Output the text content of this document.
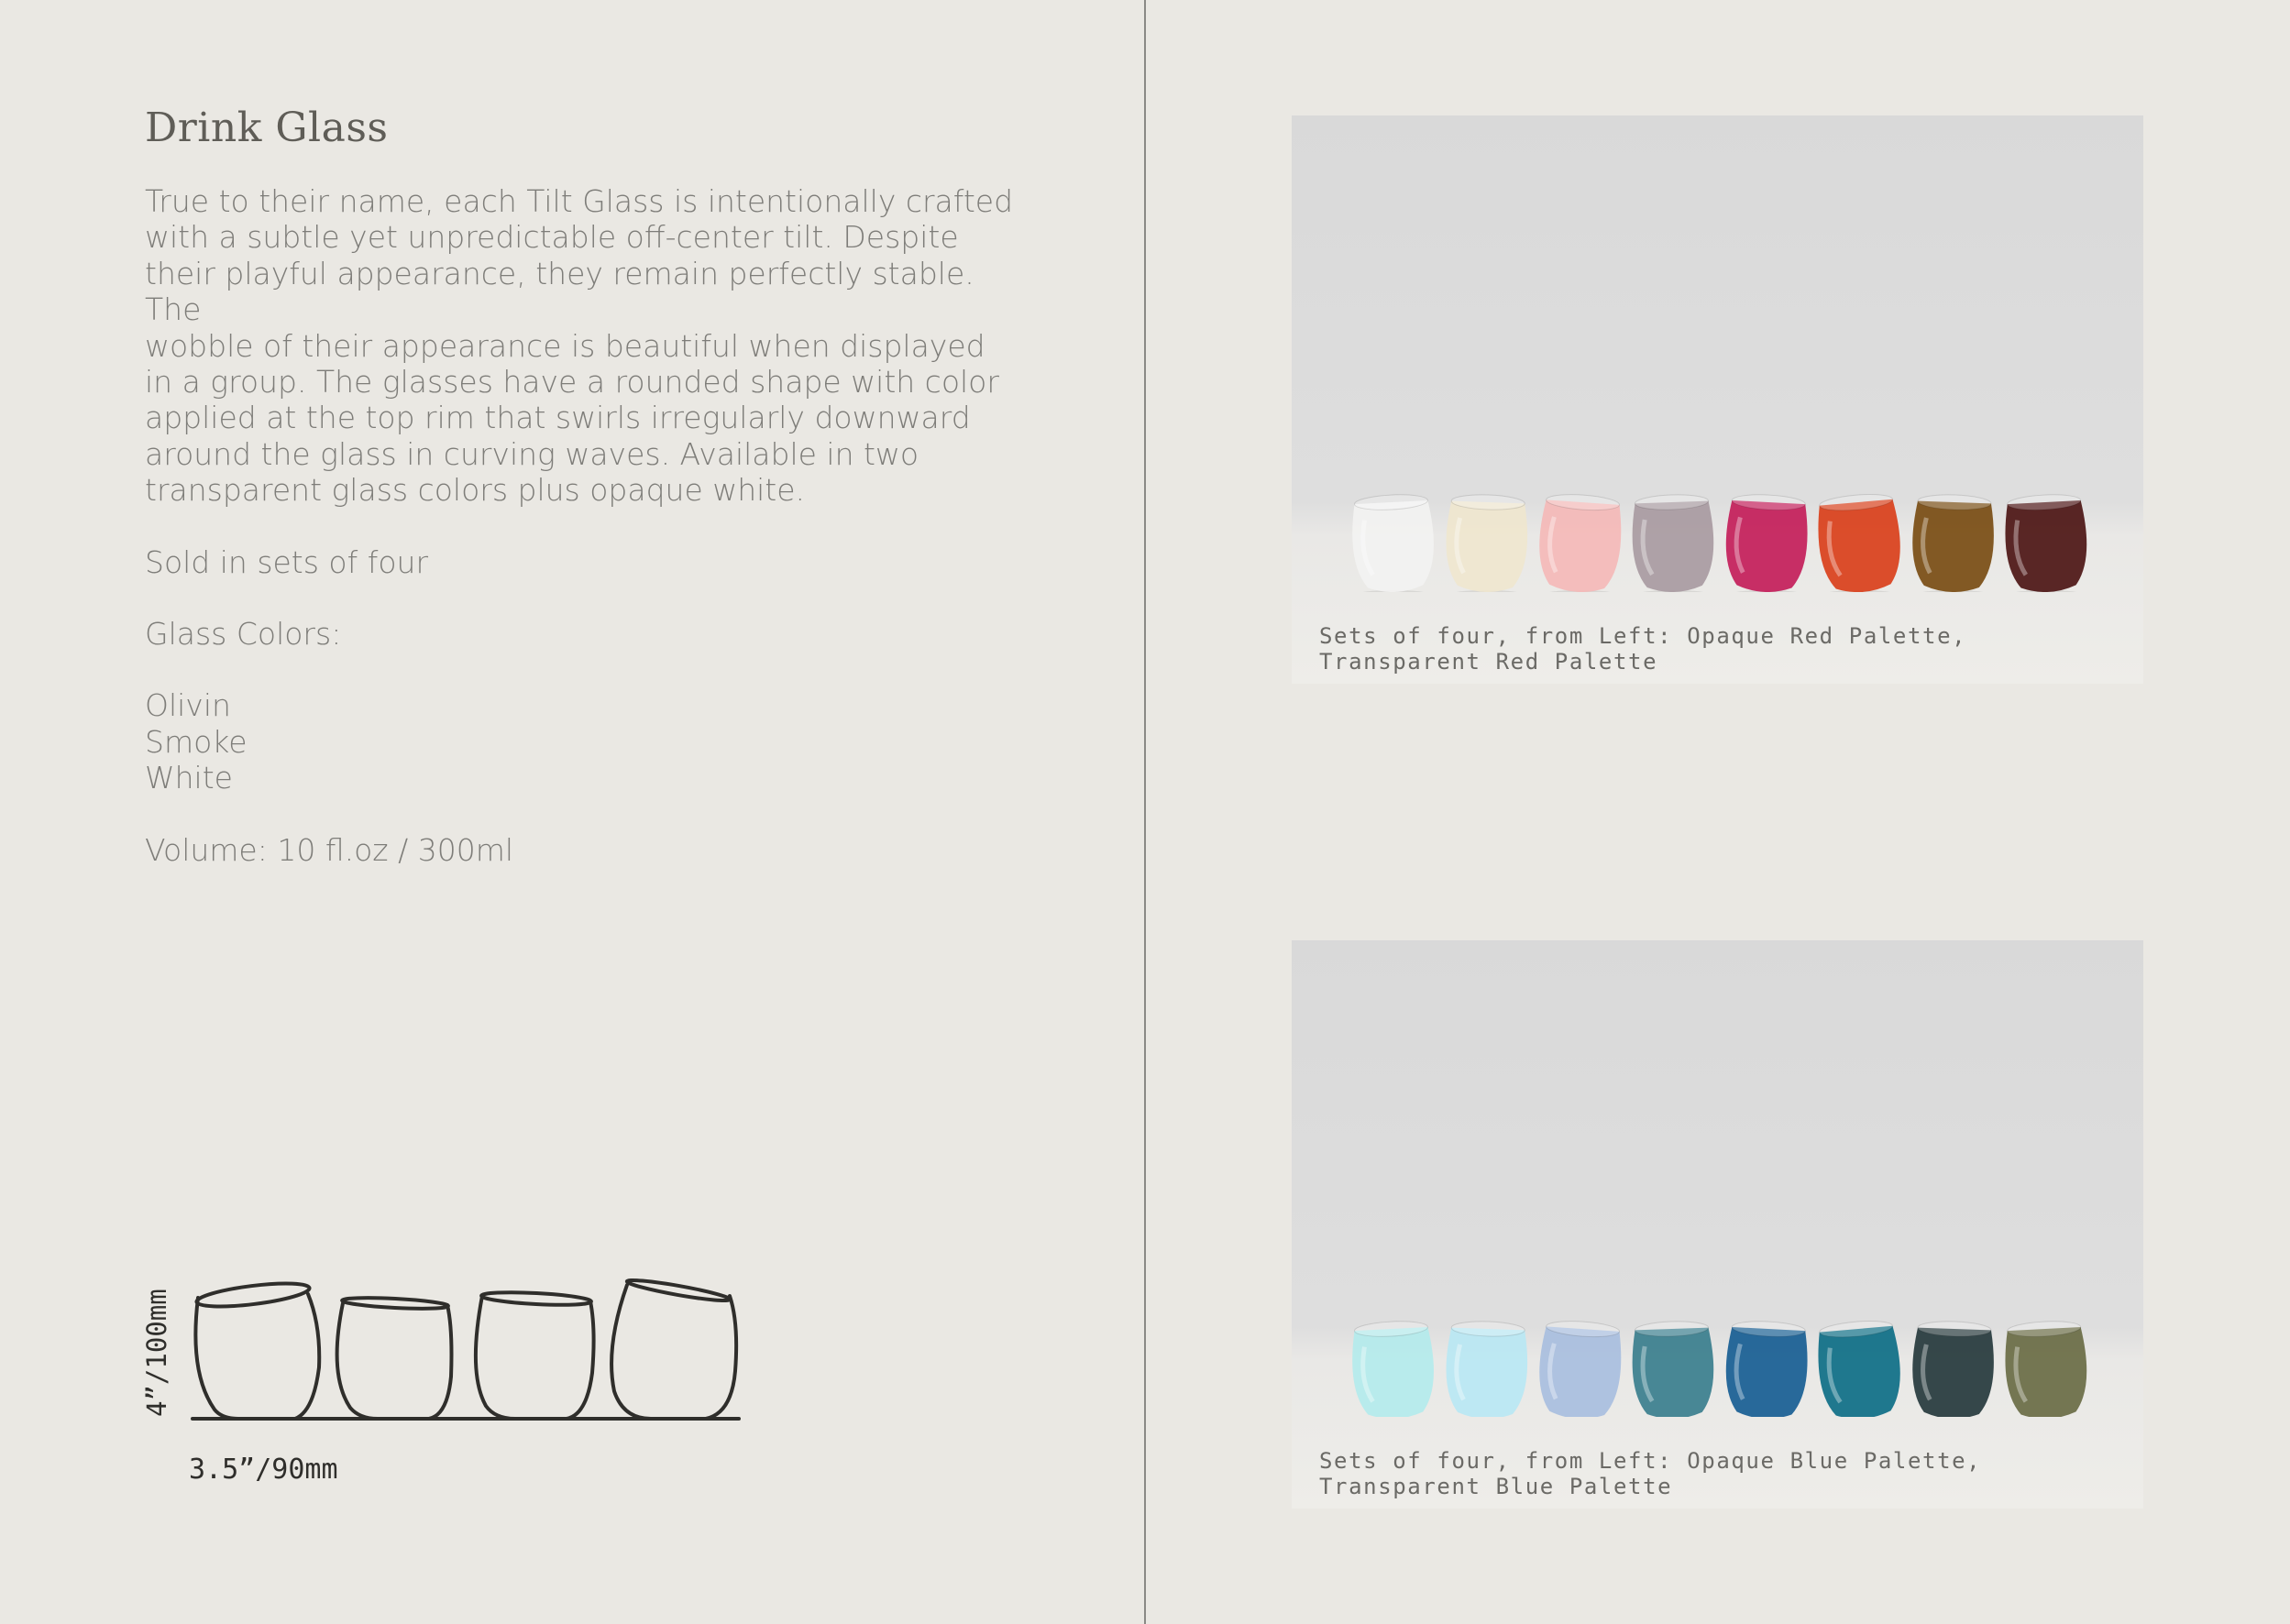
Drink Glass

True to their name, each Tilt Glass is intentionally crafted

with a subtle yet unpredictable off-center tilt. Despite

their playful appearance, they remain perfectly stable. The

wobble of their appearance is beautiful when displayed

in a group. The glasses have a rounded shape with color

applied at the top rim that swirls irregularly downward

around the glass in curving waves. Available in two

transparent glass colors plus opaque white.

Sold in sets of four

Glass Colors:

Olivin

Smoke

White

Volume: 10 fl.oz / 300ml

4”/100mm

3.5”/90mm

Sets of four, from Left: Opaque Red Palette, Transparent Red Palette

Sets of four, from Left: Opaque Blue Palette, Transparent Blue Palette
